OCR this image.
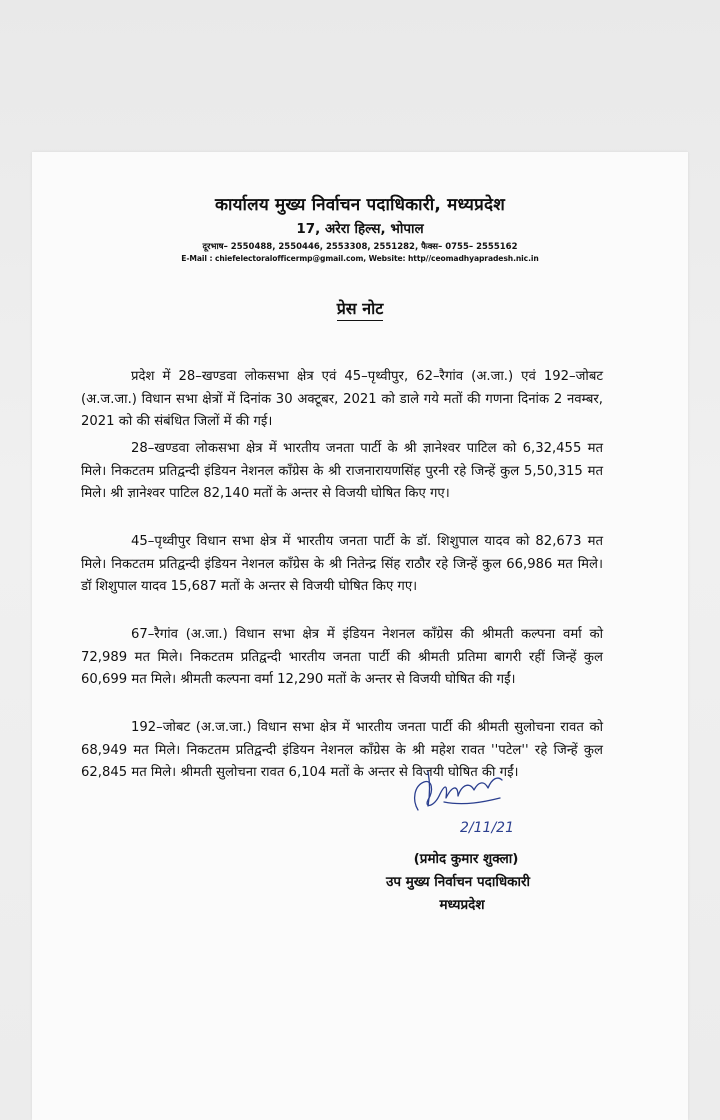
कार्यालय मुख्य निर्वाचन पदाधिकारी, मध्यप्रदेश
17, अरेरा हिल्स, भोपाल
दूरभाष– 2550488, 2550446, 2553308, 2551282, फैक्स– 0755– 2555162
E-Mail : chiefelectoralofficermp@gmail.com, Website: http//ceomadhyapradesh.nic.in
प्रेस नोट

प्रदेश में 28–खण्डवा लोकसभा क्षेत्र एवं 45–पृथ्वीपुर, 62–रैगांव (अ.जा.) एवं 192–जोबट (अ.ज.जा.) विधान सभा क्षेत्रों में दिनांक 30 अक्टूबर, 2021 को डाले गये मतों की गणना दिनांक 2 नवम्बर, 2021 को की संबंधित जिलों में की गई।

28–खण्डवा लोकसभा क्षेत्र में भारतीय जनता पार्टी के श्री ज्ञानेश्वर पाटिल को 6,32,455 मत मिले। निकटतम प्रतिद्वन्दी इंडियन नेशनल कॉंग्रेस के श्री राजनारायणसिंह पुरनी रहे जिन्हें कुल 5,50,315 मत मिले। श्री ज्ञानेश्वर पाटिल 82,140 मतों के अन्तर से विजयी घोषित किए गए।

45–पृथ्वीपुर विधान सभा क्षेत्र में भारतीय जनता पार्टी के डॉ. शिशुपाल यादव को 82,673 मत मिले। निकटतम प्रतिद्वन्दी इंडियन नेशनल कॉंग्रेस के श्री नितेन्द्र सिंह राठौर रहे जिन्हें कुल 66,986 मत मिले। डॉ शिशुपाल यादव 15,687 मतों के अन्तर से विजयी घोषित किए गए।

67–रैगांव (अ.जा.) विधान सभा क्षेत्र में इंडियन नेशनल कॉंग्रेस की श्रीमती कल्पना वर्मा को 72,989 मत मिले। निकटतम प्रतिद्वन्दी भारतीय जनता पार्टी की श्रीमती प्रतिमा बागरी रहीं जिन्हें कुल 60,699 मत मिले। श्रीमती कल्पना वर्मा 12,290 मतों के अन्तर से विजयी घोषित की गईं।

192–जोबट (अ.ज.जा.) विधान सभा क्षेत्र में भारतीय जनता पार्टी की श्रीमती सुलोचना रावत को 68,949 मत मिले। निकटतम प्रतिद्वन्दी इंडियन नेशनल कॉंग्रेस के श्री महेश रावत ''पटेल'' रहे जिन्हें कुल 62,845 मत मिले। श्रीमती सुलोचना रावत 6,104 मतों के अन्तर से विजयी घोषित की गईं।

2/11/21
(प्रमोद कुमार शुक्ला)
उप मुख्य निर्वाचन पदाधिकारी
मध्यप्रदेश
